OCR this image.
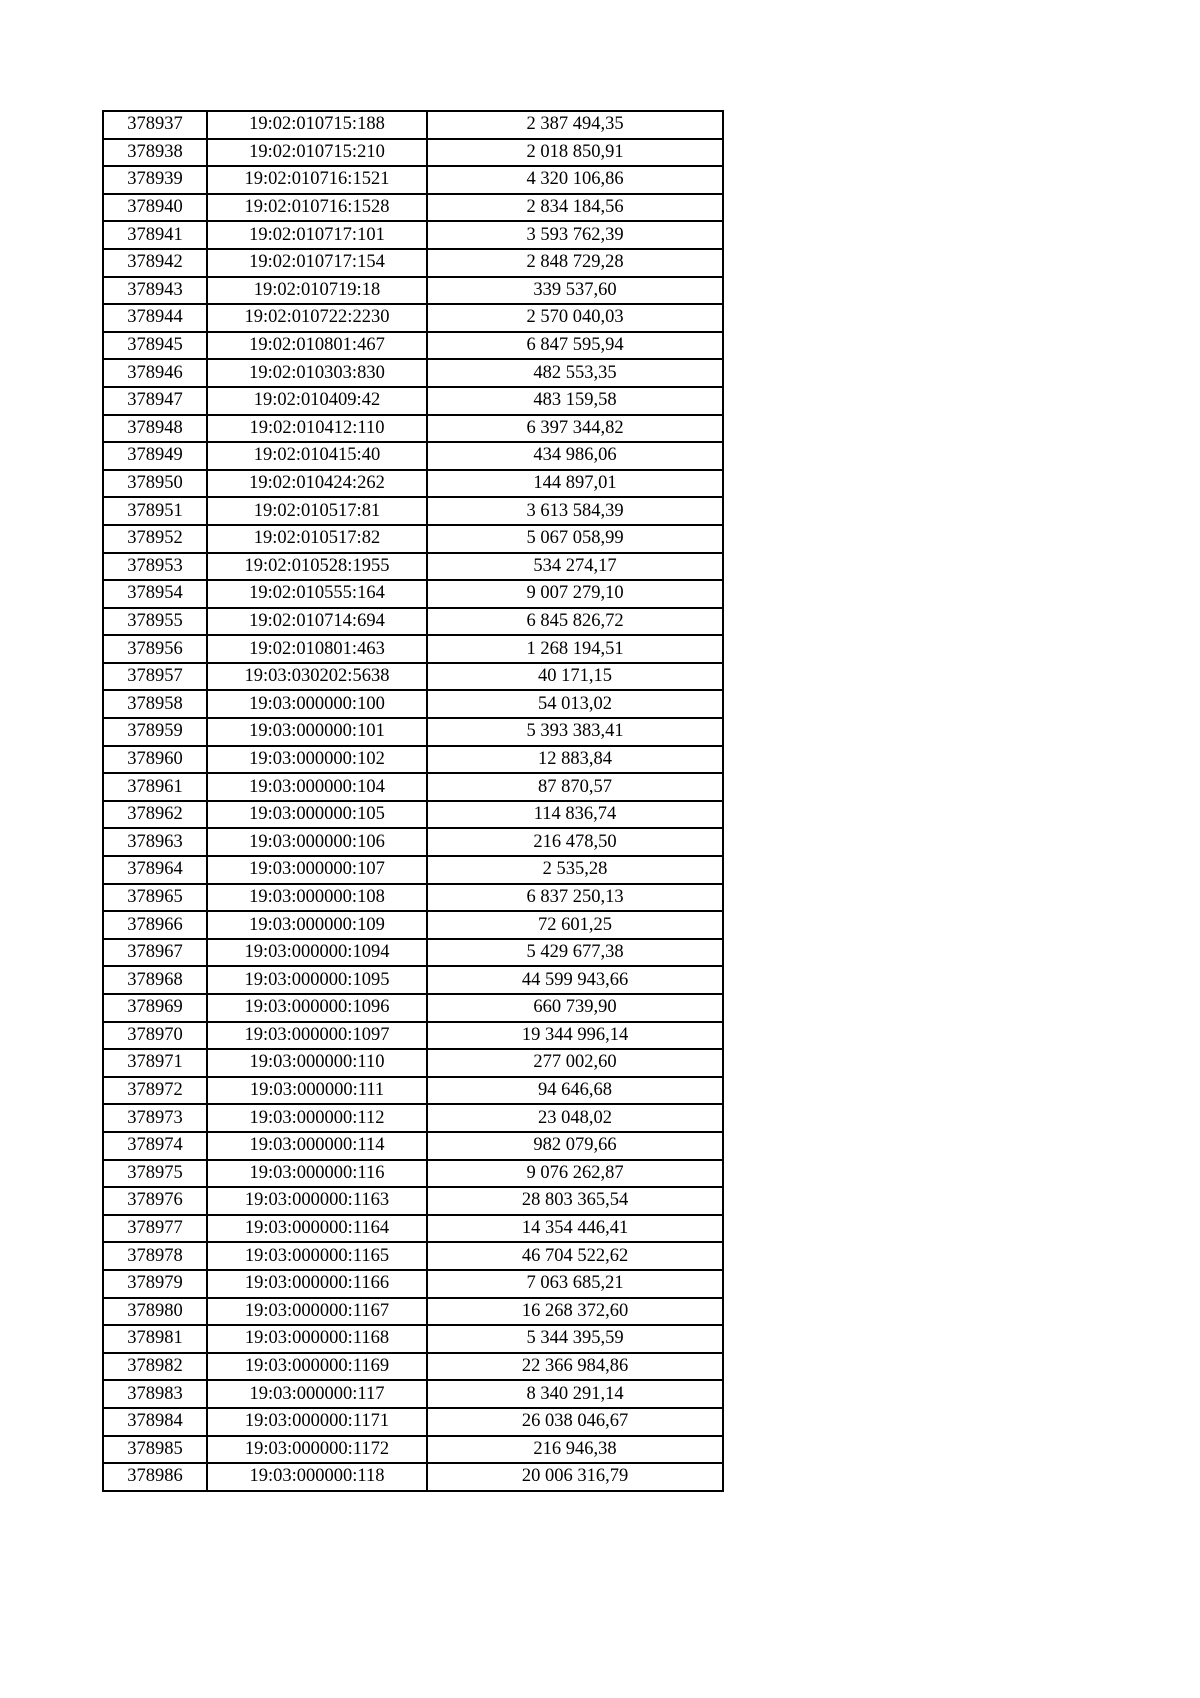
378937	19:02:010715:188	2 387 494,35
378938	19:02:010715:210	2 018 850,91
378939	19:02:010716:1521	4 320 106,86
378940	19:02:010716:1528	2 834 184,56
378941	19:02:010717:101	3 593 762,39
378942	19:02:010717:154	2 848 729,28
378943	19:02:010719:18	339 537,60
378944	19:02:010722:2230	2 570 040,03
378945	19:02:010801:467	6 847 595,94
378946	19:02:010303:830	482 553,35
378947	19:02:010409:42	483 159,58
378948	19:02:010412:110	6 397 344,82
378949	19:02:010415:40	434 986,06
378950	19:02:010424:262	144 897,01
378951	19:02:010517:81	3 613 584,39
378952	19:02:010517:82	5 067 058,99
378953	19:02:010528:1955	534 274,17
378954	19:02:010555:164	9 007 279,10
378955	19:02:010714:694	6 845 826,72
378956	19:02:010801:463	1 268 194,51
378957	19:03:030202:5638	40 171,15
378958	19:03:000000:100	54 013,02
378959	19:03:000000:101	5 393 383,41
378960	19:03:000000:102	12 883,84
378961	19:03:000000:104	87 870,57
378962	19:03:000000:105	114 836,74
378963	19:03:000000:106	216 478,50
378964	19:03:000000:107	2 535,28
378965	19:03:000000:108	6 837 250,13
378966	19:03:000000:109	72 601,25
378967	19:03:000000:1094	5 429 677,38
378968	19:03:000000:1095	44 599 943,66
378969	19:03:000000:1096	660 739,90
378970	19:03:000000:1097	19 344 996,14
378971	19:03:000000:110	277 002,60
378972	19:03:000000:111	94 646,68
378973	19:03:000000:112	23 048,02
378974	19:03:000000:114	982 079,66
378975	19:03:000000:116	9 076 262,87
378976	19:03:000000:1163	28 803 365,54
378977	19:03:000000:1164	14 354 446,41
378978	19:03:000000:1165	46 704 522,62
378979	19:03:000000:1166	7 063 685,21
378980	19:03:000000:1167	16 268 372,60
378981	19:03:000000:1168	5 344 395,59
378982	19:03:000000:1169	22 366 984,86
378983	19:03:000000:117	8 340 291,14
378984	19:03:000000:1171	26 038 046,67
378985	19:03:000000:1172	216 946,38
378986	19:03:000000:118	20 006 316,79
